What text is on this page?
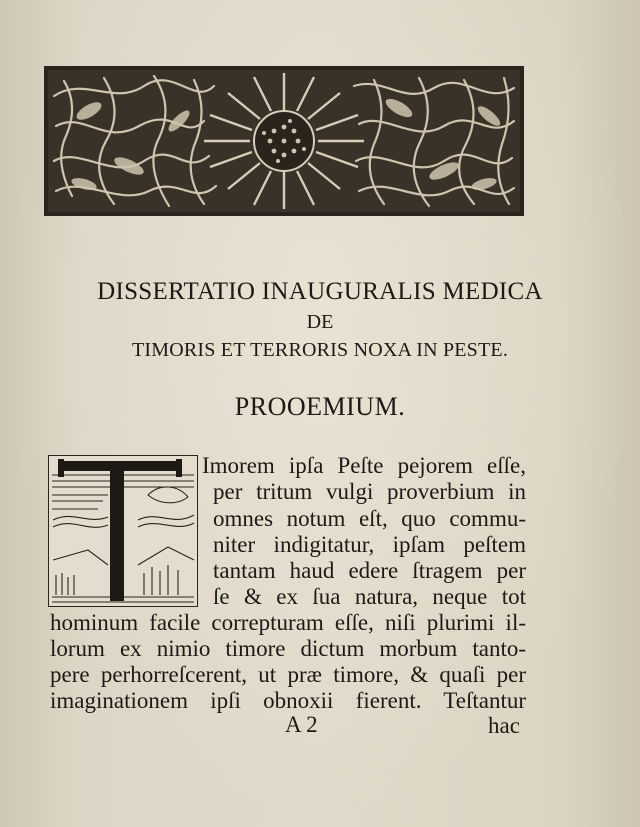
DISSERTATIO INAUGURALIS MEDICA
DE
TIMORIS ET TERRORIS NOXA IN PESTE.
PROOEMIUM.
Imorem ipſa Peſte pejorem eſſe,
per tritum vulgi proverbium in
omnes notum eſt, quo commu-
niter indigitatur, ipſam peſtem
tantam haud edere ſtragem per
ſe & ex ſua natura, neque tot
hominum facile correpturam eſſe, niſi plurimi il-
lorum ex nimio timore dictum morbum tanto-
pere perhorreſcerent, ut præ timore, & quaſi per
imaginationem ipſi obnoxii fierent. Teſtantur
A 2	hac
